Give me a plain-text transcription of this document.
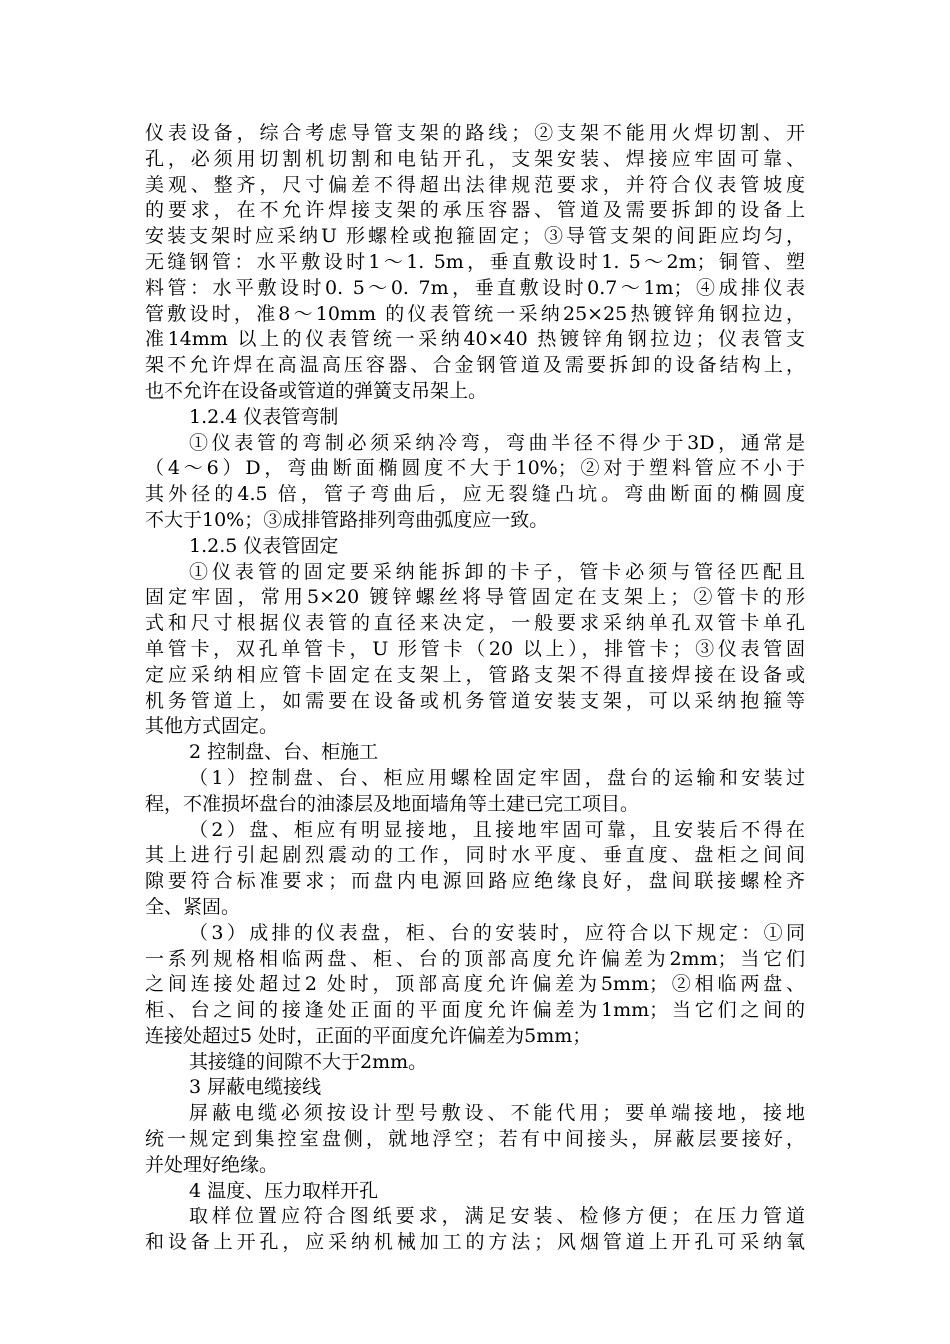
仪表设备，综合考虑导管支架的路线；②支架不能用火焊切割、开
孔，必须用切割机切割和电钻开孔，支架安装、焊接应牢固可靠、
美观、整齐，尺寸偏差不得超出法律规范要求，并符合仪表管坡度
的要求，在不允许焊接支架的承压容器、管道及需要拆卸的设备上
安装支架时应采纳U 形螺栓或抱箍固定；③导管支架的间距应均匀，
无缝钢管：水平敷设时1～1. 5m，垂直敷设时1. 5～2m；铜管、塑
料管：水平敷设时0. 5～0. 7m，垂直敷设时0.7～1m；④成排仪表
管敷设时，准8～10mm 的仪表管统一采纳25×25热镀锌角钢拉边，
准14mm 以上的仪表管统一采纳40×40 热镀锌角钢拉边；仪表管支
架不允许焊在高温高压容器、合金钢管道及需要拆卸的设备结构上，
也不允许在设备或管道的弹簧支吊架上。
1.2.4 仪表管弯制
①仪表管的弯制必须采纳冷弯，弯曲半径不得少于3D，通常是
（4～6）D，弯曲断面椭圆度不大于10%；②对于塑料管应不小于
其外径的4.5 倍，管子弯曲后，应无裂缝凸坑。弯曲断面的椭圆度
不大于10%；③成排管路排列弯曲弧度应一致。
1.2.5 仪表管固定
①仪表管的固定要采纳能拆卸的卡子，管卡必须与管径匹配且
固定牢固，常用5×20 镀锌螺丝将导管固定在支架上；②管卡的形
式和尺寸根据仪表管的直径来决定，一般要求采纳单孔双管卡单孔
单管卡，双孔单管卡，U 形管卡（20 以上），排管卡；③仪表管固
定应采纳相应管卡固定在支架上，管路支架不得直接焊接在设备或
机务管道上，如需要在设备或机务管道安装支架，可以采纳抱箍等
其他方式固定。
2 控制盘、台、柜施工
（1）控制盘、台、柜应用螺栓固定牢固，盘台的运输和安装过
程，不准损坏盘台的油漆层及地面墙角等土建已完工项目。
（2）盘、柜应有明显接地，且接地牢固可靠，且安装后不得在
其上进行引起剧烈震动的工作，同时水平度、垂直度、盘柜之间间
隙要符合标准要求；而盘内电源回路应绝缘良好，盘间联接螺栓齐
全、紧固。
（3）成排的仪表盘，柜、台的安装时，应符合以下规定：①同
一系列规格相临两盘、柜、台的顶部高度允许偏差为2mm；当它们
之间连接处超过2 处时，顶部高度允许偏差为5mm；②相临两盘、
柜、台之间的接逢处正面的平面度允许偏差为1mm；当它们之间的
连接处超过5 处时，正面的平面度允许偏差为5mm；
其接缝的间隙不大于2mm。
3 屏蔽电缆接线
屏蔽电缆必须按设计型号敷设、不能代用；要单端接地，接地
统一规定到集控室盘侧，就地浮空；若有中间接头，屏蔽层要接好，
并处理好绝缘。
4 温度、压力取样开孔
取样位置应符合图纸要求，满足安装、检修方便；在压力管道
和设备上开孔，应采纳机械加工的方法；风烟管道上开孔可采纳氧
